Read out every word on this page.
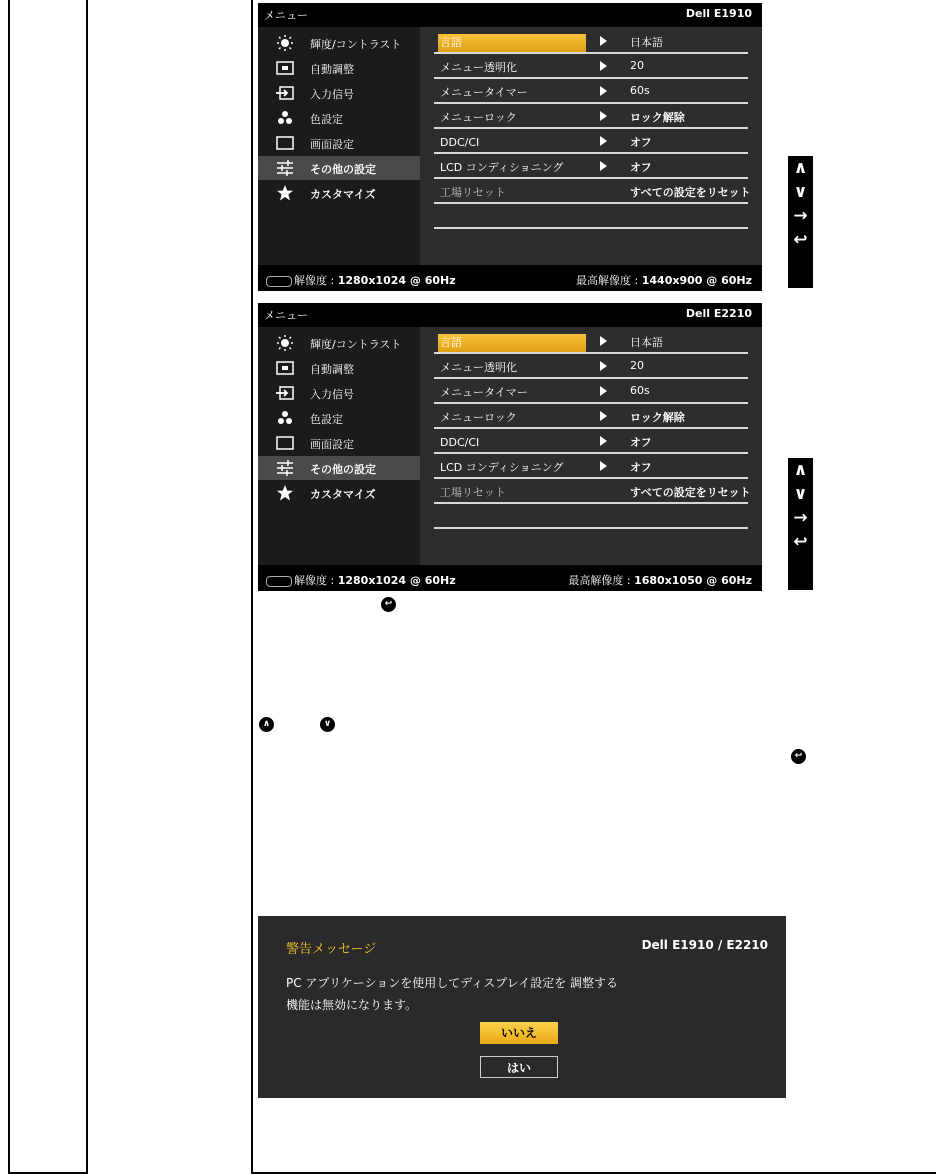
メニュー	Dell E1910
輝度/コントラスト
自動調整
入力信号
色設定
画面設定
その他の設定
カスタマイズ
言語	日本語
メニュー透明化	20
メニュータイマー	60s
メニューロック	ロック解除
DDC/CI	オフ
LCD コンディショニング	オフ
工場リセット	すべての設定をリセット
解像度 : 1280x1024 @ 60Hz	最高解像度 : 1440x900 @ 60Hz
メニュー	Dell E2210
輝度/コントラスト
自動調整
入力信号
色設定
画面設定
その他の設定
カスタマイズ
言語	日本語
メニュー透明化	20
メニュータイマー	60s
メニューロック	ロック解除
DDC/CI	オフ
LCD コンディショニング	オフ
工場リセット	すべての設定をリセット
解像度 : 1280x1024 @ 60Hz	最高解像度 : 1680x1050 @ 60Hz
∧
∨
→
↩
∧
∨
→
↩
↩
∧	∨
↩
警告メッセージ	Dell E1910 / E2210
PC アプリケーションを使用してディスプレイ設定を 調整する
機能は無効になります。
いいえ
はい
